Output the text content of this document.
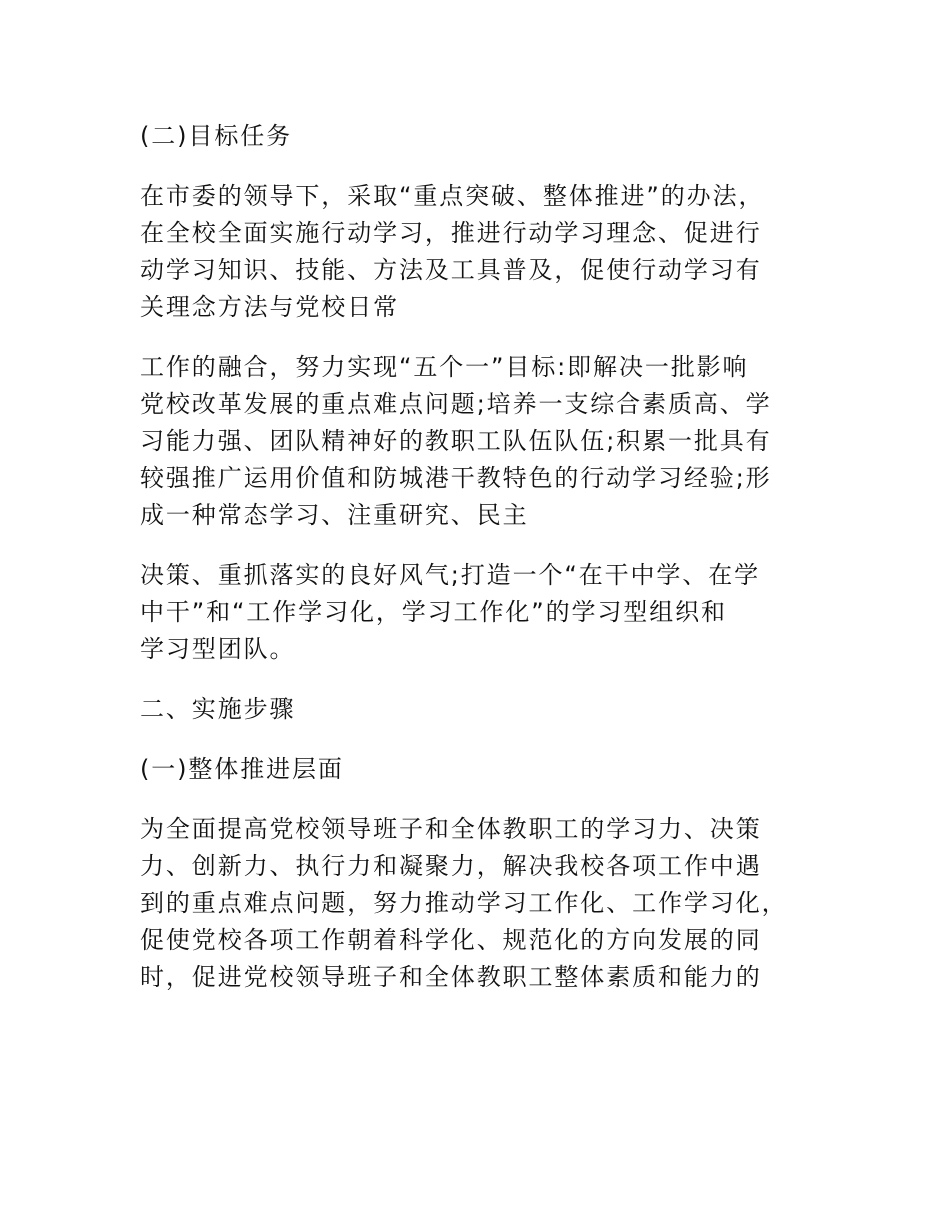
(二)目标任务
在市委的领导下，采取“重点突破、整体推进”的办法，
在全校全面实施行动学习，推进行动学习理念、促进行
动学习知识、技能、方法及工具普及，促使行动学习有
关理念方法与党校日常
工作的融合，努力实现“五个一”目标:即解决一批影响
党校改革发展的重点难点问题;培养一支综合素质高、学
习能力强、团队精神好的教职工队伍队伍;积累一批具有
较强推广运用价值和防城港干教特色的行动学习经验;形
成一种常态学习、注重研究、民主
决策、重抓落实的良好风气;打造一个“在干中学、在学
中干”和“工作学习化，学习工作化”的学习型组织和
学习型团队。
二、实施步骤
(一)整体推进层面
为全面提高党校领导班子和全体教职工的学习力、决策
力、创新力、执行力和凝聚力，解决我校各项工作中遇
到的重点难点问题，努力推动学习工作化、工作学习化，
促使党校各项工作朝着科学化、规范化的方向发展的同
时，促进党校领导班子和全体教职工整体素质和能力的
